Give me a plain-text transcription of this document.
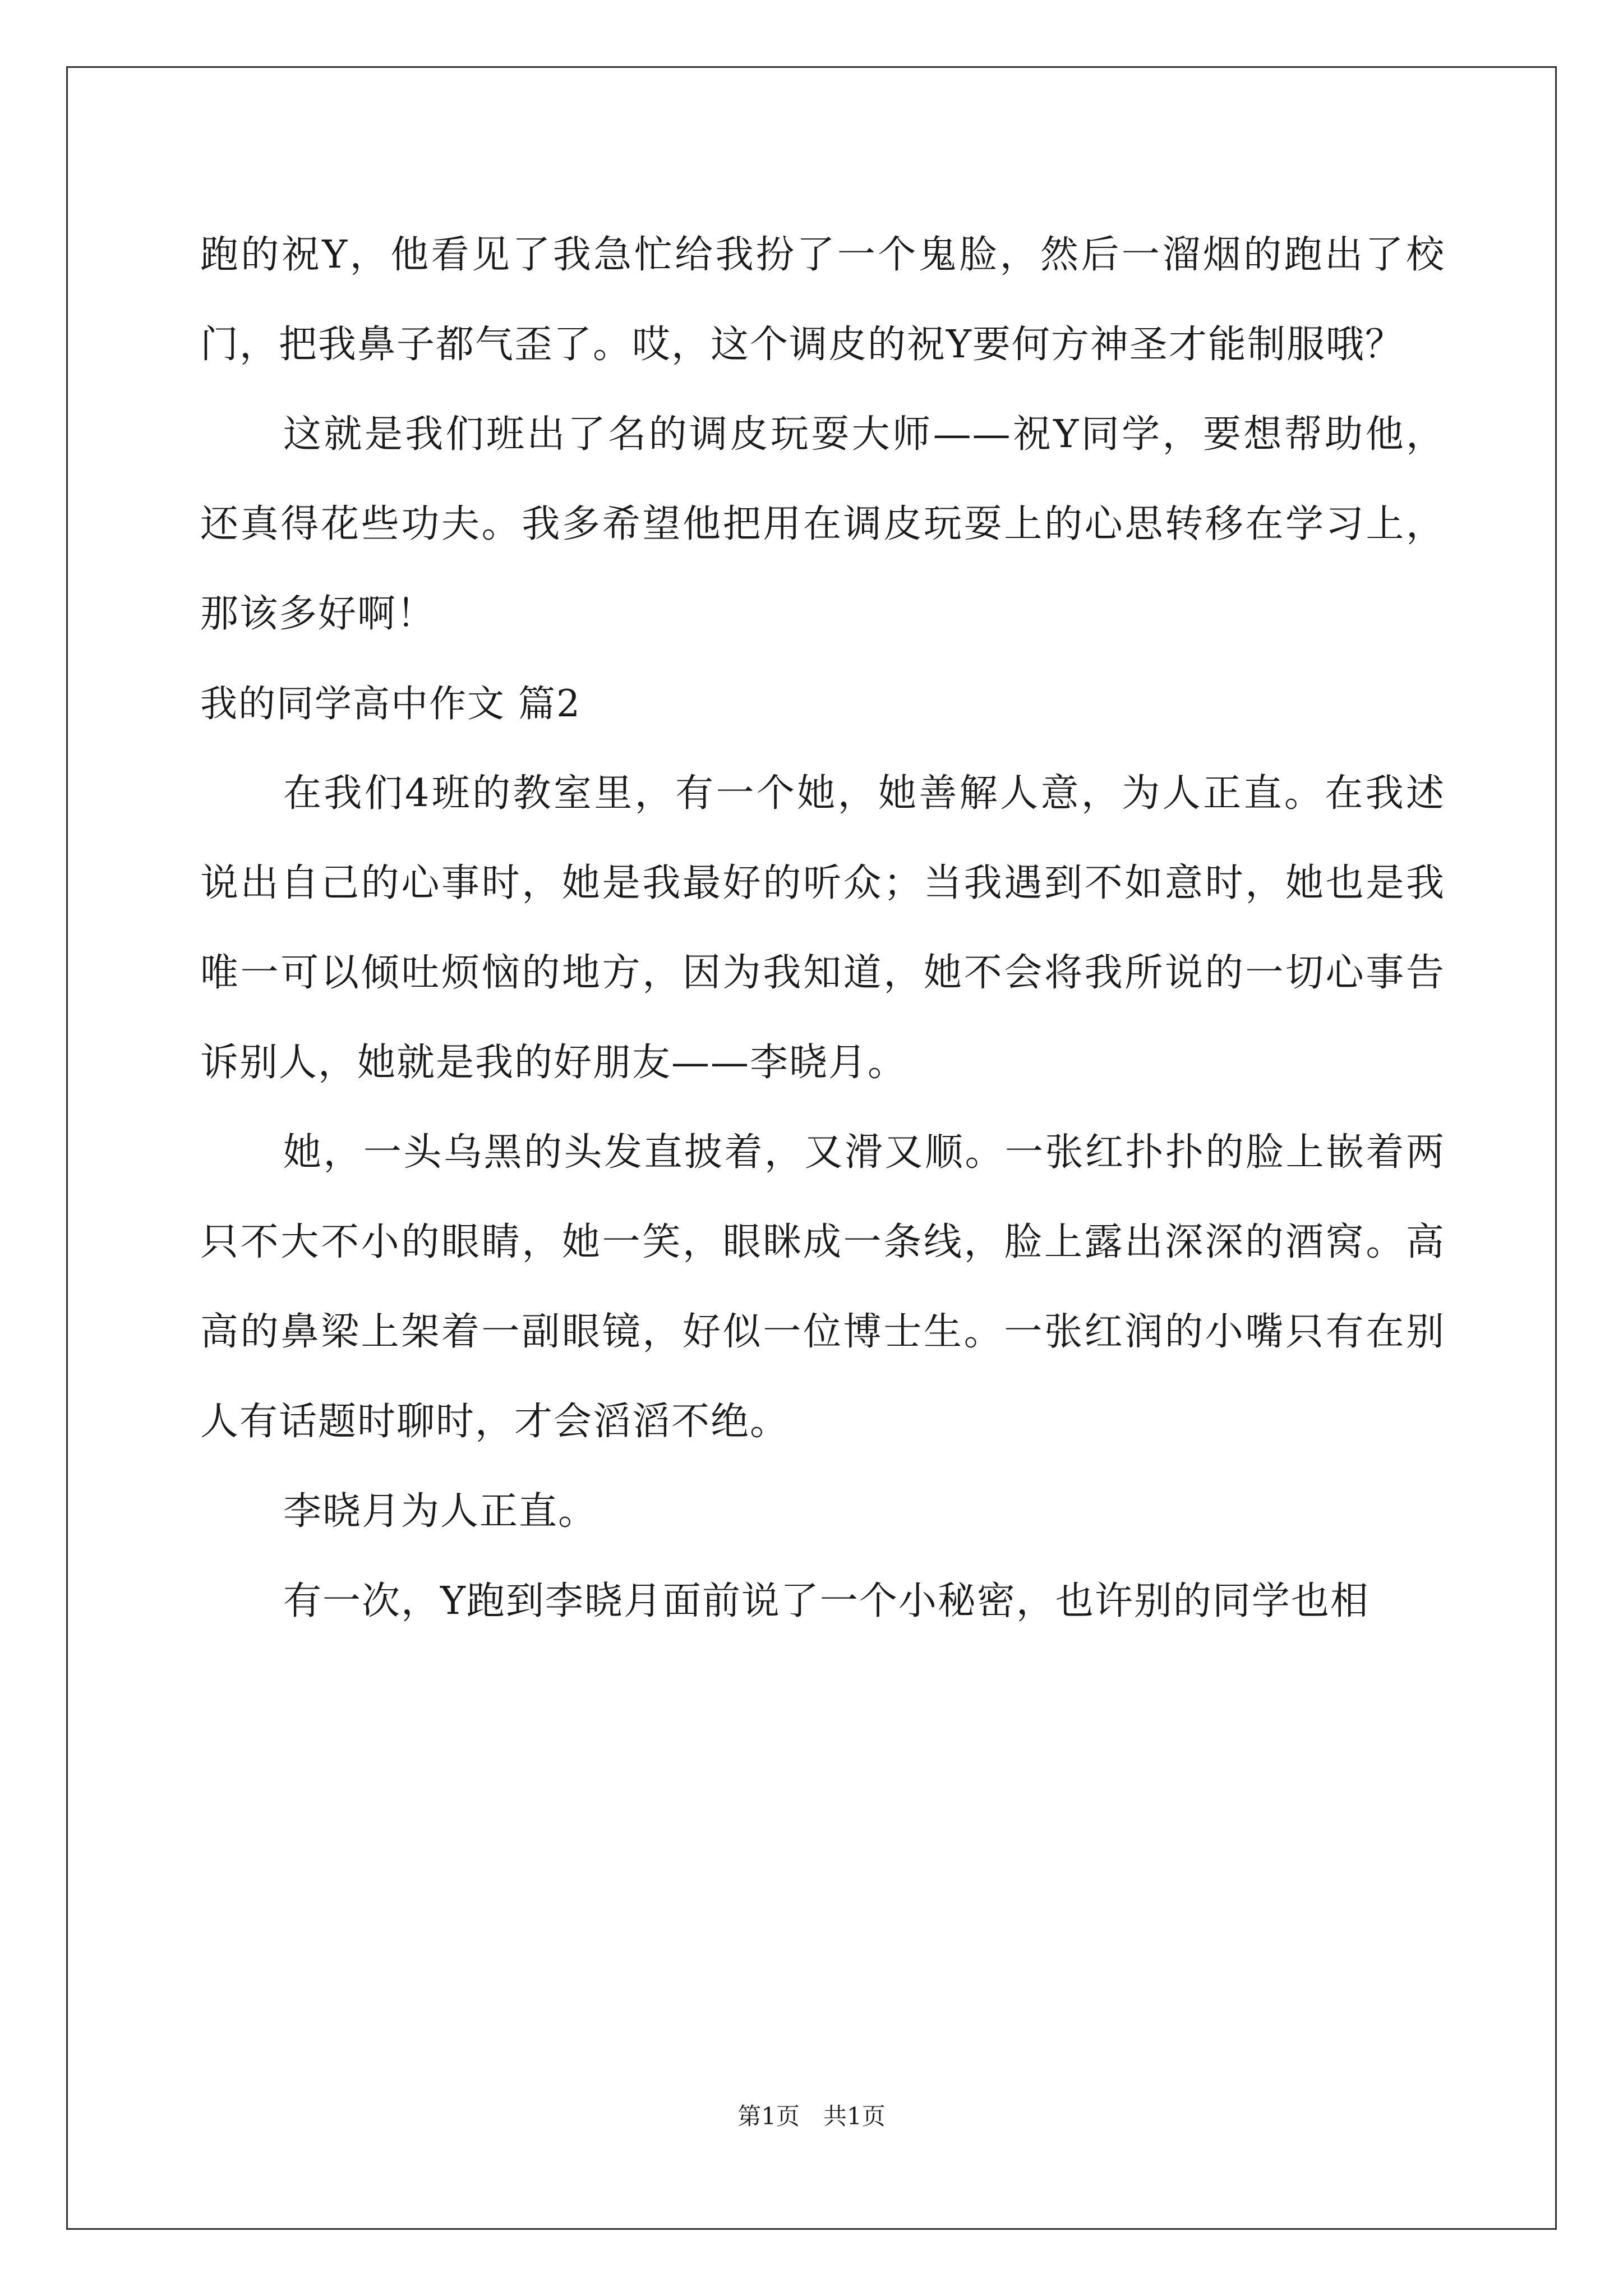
跑的祝Y，他看见了我急忙给我扮了一个鬼脸，然后一溜烟的跑出了校门，把我鼻子都气歪了。哎，这个调皮的祝Y要何方神圣才能制服哦？

这就是我们班出了名的调皮玩耍大师——祝Y同学，要想帮助他，还真得花些功夫。我多希望他把用在调皮玩耍上的心思转移在学习上，那该多好啊！

我的同学高中作文 篇2

在我们4班的教室里，有一个她，她善解人意，为人正直。在我述说出自己的心事时，她是我最好的听众；当我遇到不如意时，她也是我唯一可以倾吐烦恼的地方，因为我知道，她不会将我所说的一切心事告诉别人，她就是我的好朋友——李晓月。

她，一头乌黑的头发直披着，又滑又顺。一张红扑扑的脸上嵌着两只不大不小的眼睛，她一笑，眼眯成一条线，脸上露出深深的酒窝。高高的鼻梁上架着一副眼镜，好似一位博士生。一张红润的小嘴只有在别人有话题时聊时，才会滔滔不绝。

李晓月为人正直。

有一次，Y跑到李晓月面前说了一个小秘密，也许别的同学也相

第1页　共1页
